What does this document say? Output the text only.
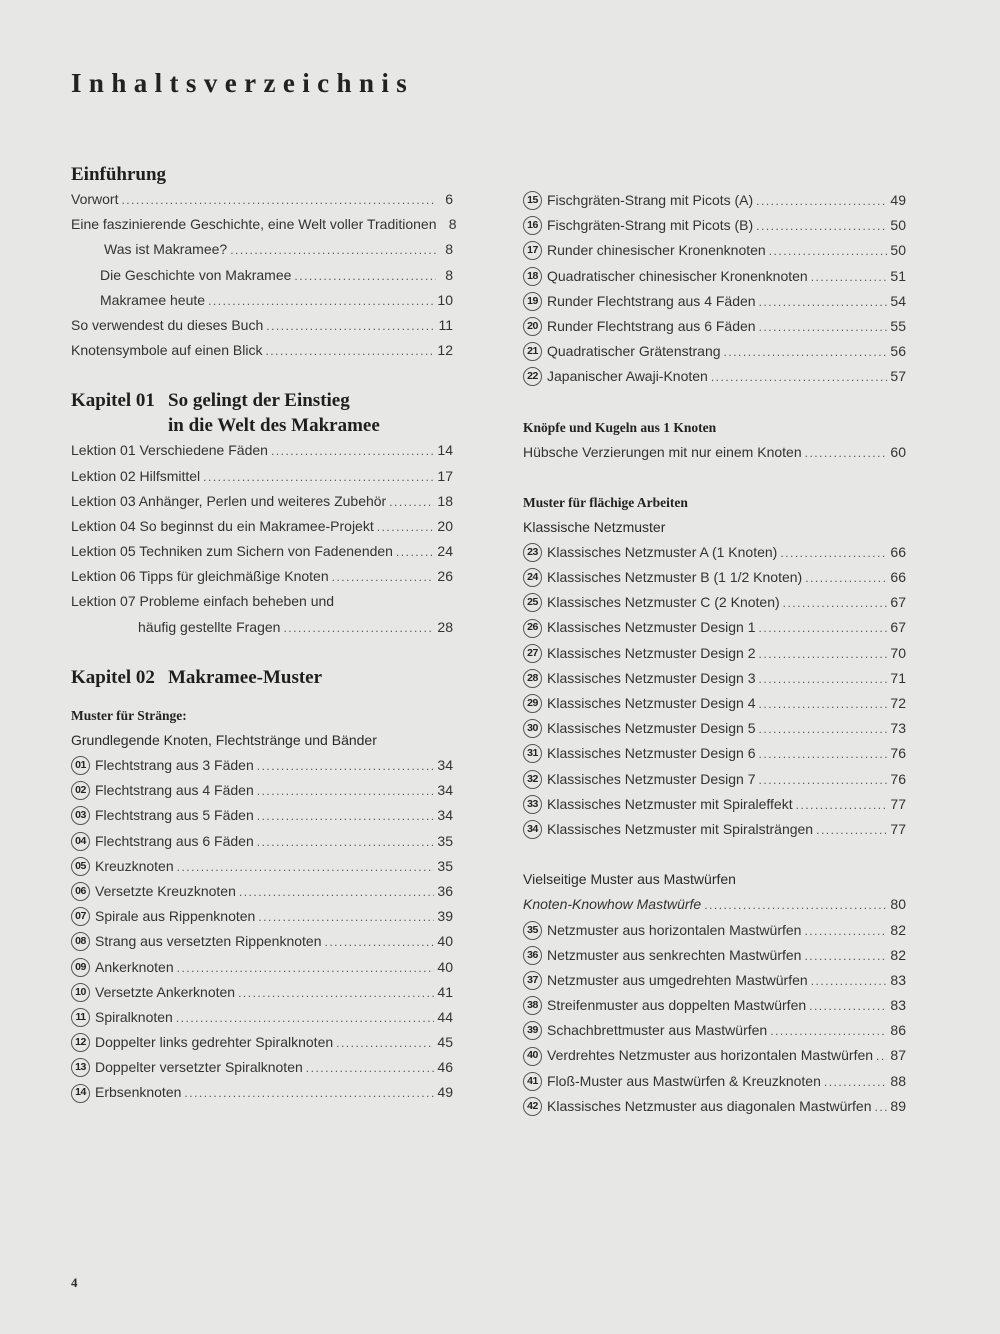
Inhaltsverzeichnis
Einführung
Vorwort .....	6
Eine faszinierende Geschichte, eine Welt voller Traditionen 8
Was ist Makramee? .....	8
Die Geschichte von Makramee .....	8
Makramee heute .....	10
So verwendest du dieses Buch .....	11
Knotensymbole auf einen Blick .....	12
Kapitel 01 So gelingt der Einstieg
in die Welt des Makramee
Lektion 01 Verschiedene Fäden .....	14
Lektion 02 Hilfsmittel .....	17
Lektion 03 Anhänger, Perlen und weiteres Zubehör .....	18
Lektion 04 So beginnst du ein Makramee-Projekt .....	20
Lektion 05 Techniken zum Sichern von Fadenenden .....	24
Lektion 06 Tipps für gleichmäßige Knoten .....	26
Lektion 07 Probleme einfach beheben und
häufig gestellte Fragen .....	28
Kapitel 02 Makramee-Muster
Muster für Stränge:
Grundlegende Knoten, Flechtstränge und Bänder
01 Flechtstrang aus 3 Fäden .....	34
02 Flechtstrang aus 4 Fäden .....	34
03 Flechtstrang aus 5 Fäden .....	34
04 Flechtstrang aus 6 Fäden .....	35
05 Kreuzknoten .....	35
06 Versetzte Kreuzknoten .....	36
07 Spirale aus Rippenknoten .....	39
08 Strang aus versetzten Rippenknoten .....	40
09 Ankerknoten .....	40
10 Versetzte Ankerknoten .....	41
11 Spiralknoten .....	44
12 Doppelter links gedrehter Spiralknoten .....	45
13 Doppelter versetzter Spiralknoten .....	46
14 Erbsenknoten .....	49
15 Fischgräten-Strang mit Picots (A) .....	49
16 Fischgräten-Strang mit Picots (B) .....	50
17 Runder chinesischer Kronenknoten .....	50
18 Quadratischer chinesischer Kronenknoten .....	51
19 Runder Flechtstrang aus 4 Fäden .....	54
20 Runder Flechtstrang aus 6 Fäden .....	55
21 Quadratischer Grätenstrang .....	56
22 Japanischer Awaji-Knoten .....	57
Knöpfe und Kugeln aus 1 Knoten
Hübsche Verzierungen mit nur einem Knoten .....	60
Muster für flächige Arbeiten
Klassische Netzmuster
23 Klassisches Netzmuster A (1 Knoten) .....	66
24 Klassisches Netzmuster B (1 1/2 Knoten) .....	66
25 Klassisches Netzmuster C (2 Knoten) .....	67
26 Klassisches Netzmuster Design 1 .....	67
27 Klassisches Netzmuster Design 2 .....	70
28 Klassisches Netzmuster Design 3 .....	71
29 Klassisches Netzmuster Design 4 .....	72
30 Klassisches Netzmuster Design 5 .....	73
31 Klassisches Netzmuster Design 6 .....	76
32 Klassisches Netzmuster Design 7 .....	76
33 Klassisches Netzmuster mit Spiraleffekt .....	77
34 Klassisches Netzmuster mit Spiralsträngen .....	77
Vielseitige Muster aus Mastwürfen
Knoten-Knowhow Mastwürfe .....	80
35 Netzmuster aus horizontalen Mastwürfen .....	82
36 Netzmuster aus senkrechten Mastwürfen .....	82
37 Netzmuster aus umgedrehten Mastwürfen .....	83
38 Streifenmuster aus doppelten Mastwürfen .....	83
39 Schachbrettmuster aus Mastwürfen .....	86
40 Verdrehtes Netzmuster aus horizontalen Mastwürfen ..... 87
41 Floß-Muster aus Mastwürfen & Kreuzknoten .....	88
42 Klassisches Netzmuster aus diagonalen Mastwürfen ..... 89
4
